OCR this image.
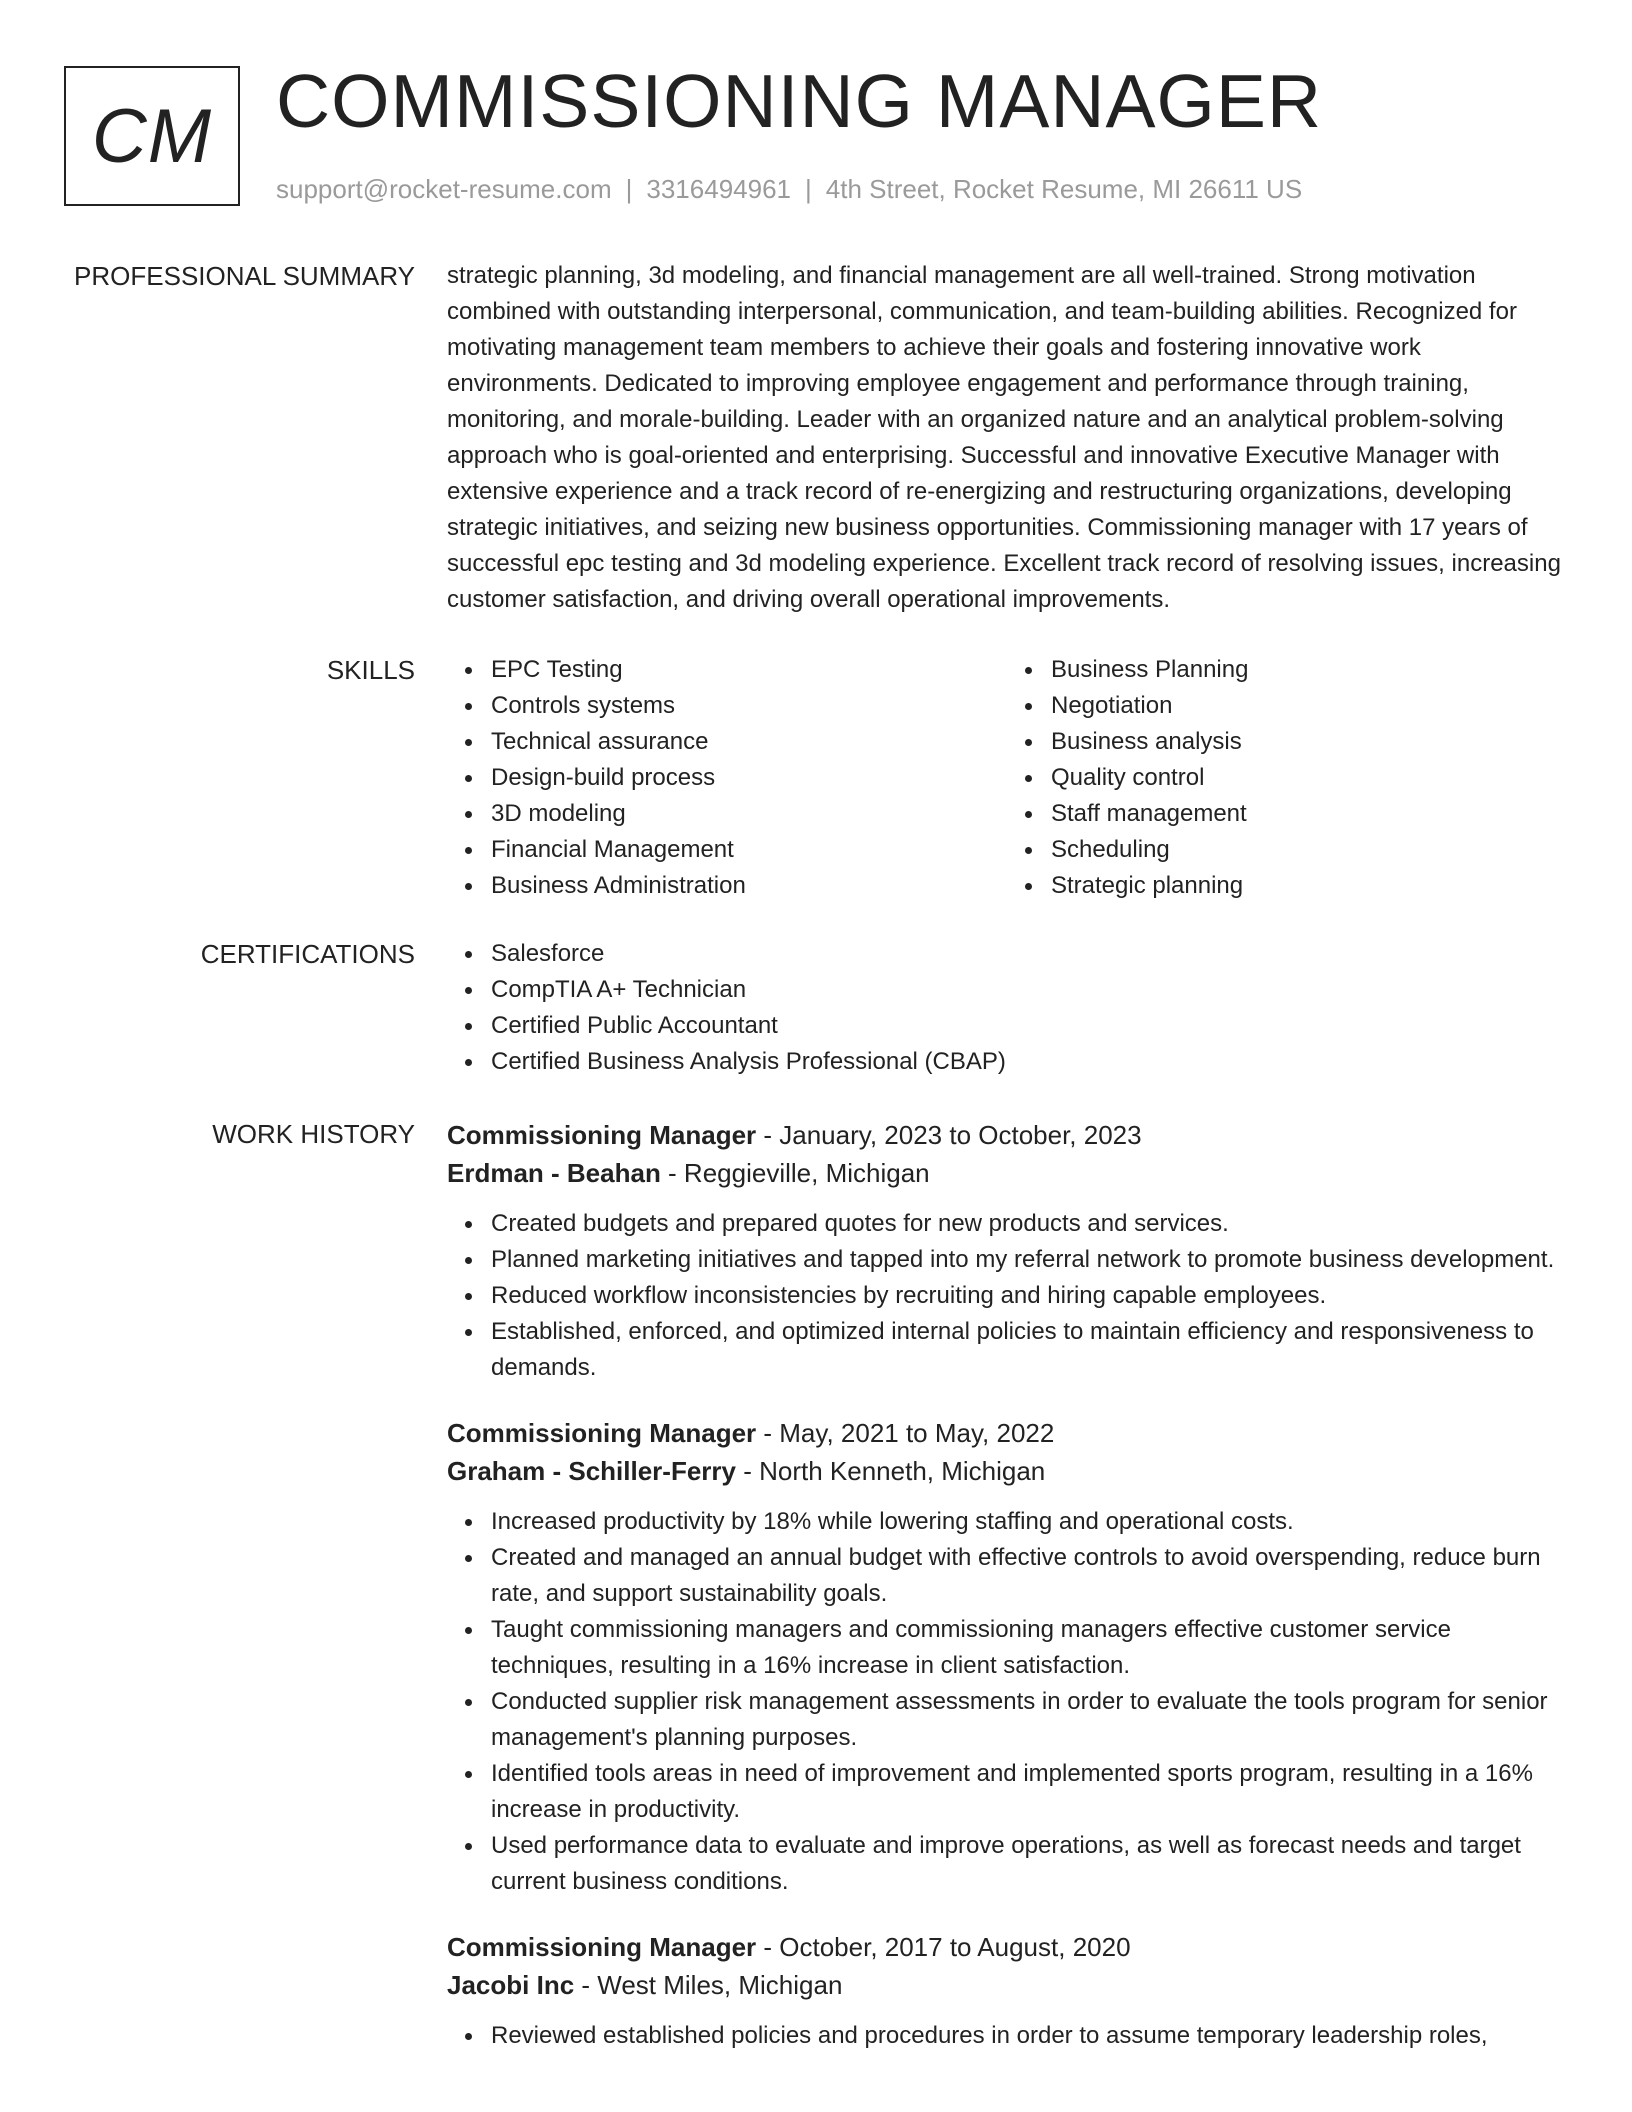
CM COMMISSIONING MANAGER
support@rocket-resume.com | 3316494961 | 4th Street, Rocket Resume, MI 26611 US
PROFESSIONAL SUMMARY strategic planning, 3d modeling, and financial management are all well-trained. Strong motivation combined with outstanding interpersonal, communication, and team-building abilities. Recognized for motivating management team members to achieve their goals and fostering innovative work environments. Dedicated to improving employee engagement and performance through training, monitoring, and morale-building. Leader with an organized nature and an analytical problem-solving approach who is goal-oriented and enterprising. Successful and innovative Executive Manager with extensive experience and a track record of re-energizing and restructuring organizations, developing strategic initiatives, and seizing new business opportunities. Commissioning manager with 17 years of successful epc testing and 3d modeling experience. Excellent track record of resolving issues, increasing customer satisfaction, and driving overall operational improvements.

SKILLS	EPC Testing
Controls systems
Technical assurance
Design-build process
3D modeling
Financial Management
Business Administration
Business Planning
Negotiation
Business analysis
Quality control
Staff management
Scheduling
Strategic planning
CERTIFICATIONS	Salesforce
CompTIA A+ Technician
Certified Public Accountant
Certified Business Analysis Professional (CBAP)
WORK HISTORY Commissioning Manager - January, 2023 to October, 2023
Erdman - Beahan - Reggieville, Michigan
Created budgets and prepared quotes for new products and services.
Planned marketing initiatives and tapped into my referral network to promote business development.
Reduced workflow inconsistencies by recruiting and hiring capable employees.
Established, enforced, and optimized internal policies to maintain efficiency and responsiveness to demands.
Commissioning Manager - May, 2021 to May, 2022
Graham - Schiller-Ferry - North Kenneth, Michigan
Increased productivity by 18% while lowering staffing and operational costs.
Created and managed an annual budget with effective controls to avoid overspending, reduce burn rate, and support sustainability goals.
Taught commissioning managers and commissioning managers effective customer service techniques, resulting in a 16% increase in client satisfaction.
Conducted supplier risk management assessments in order to evaluate the tools program for senior management's planning purposes.
Identified tools areas in need of improvement and implemented sports program, resulting in a 16% increase in productivity.
Used performance data to evaluate and improve operations, as well as forecast needs and target current business conditions.
Commissioning Manager - October, 2017 to August, 2020
Jacobi Inc - West Miles, Michigan
Reviewed established policies and procedures in order to assume temporary leadership roles,
